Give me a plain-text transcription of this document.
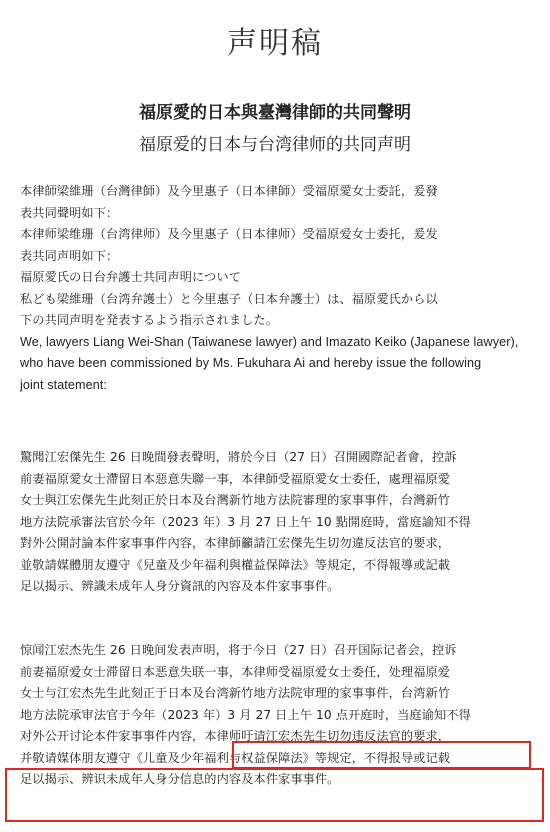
声明稿
福原愛的日本與臺灣律師的共同聲明
福原爱的日本与台湾律师的共同声明
本律師梁維珊（台灣律師）及今里惠子（日本律師）受福原愛女士委託，爰發
表共同聲明如下：
本律师梁维珊（台湾律师）及今里惠子（日本律师）受福原爱女士委托，爰发
表共同声明如下：
福原愛氏の日台弁護士共同声明について
私ども梁維珊（台湾弁護士）と今里惠子（日本弁護士）は、福原愛氏から以
下の共同声明を発表するよう指示されました。
We, lawyers Liang Wei-Shan (Taiwanese lawyer) and Imazato Keiko (Japanese lawyer),
who have been commissioned by Ms. Fukuhara Ai and hereby issue the following
joint statement:
驚聞江宏傑先生 26 日晚間發表聲明，將於今日（27 日）召開國際記者會，控訴
前妻福原愛女士滯留日本惡意失聯一事，本律師受福原愛女士委任，處理福原愛
女士與江宏傑先生此刻正於日本及台灣新竹地方法院審理的家事事件，台灣新竹
地方法院承審法官於今年（2023 年）3 月 27 日上午 10 點開庭時，當庭諭知不得
對外公開討論本件家事事件內容，本律師籲請江宏傑先生切勿違反法官的要求，
並敬請媒體朋友遵守《兒童及少年福利與權益保障法》等規定，不得報導或記載
足以揭示、辨識未成年人身分資訊的內容及本件家事事件。
惊闻江宏杰先生 26 日晚间发表声明，将于今日（27 日）召开国际记者会，控诉
前妻福原爱女士滞留日本恶意失联一事，本律师受福原爱女士委任，处理福原爱
女士与江宏杰先生此刻正于日本及台湾新竹地方法院审理的家事事件，台湾新竹
地方法院承审法官于今年（2023 年）3 月 27 日上午 10 点开庭时，当庭谕知不得
对外公开讨论本件家事事件内容，本律师吁请江宏杰先生切勿违反法官的要求，
并敬请媒体朋友遵守《儿童及少年福利与权益保障法》等规定，不得报导或记载
足以揭示、辨识未成年人身分信息的内容及本件家事事件。
